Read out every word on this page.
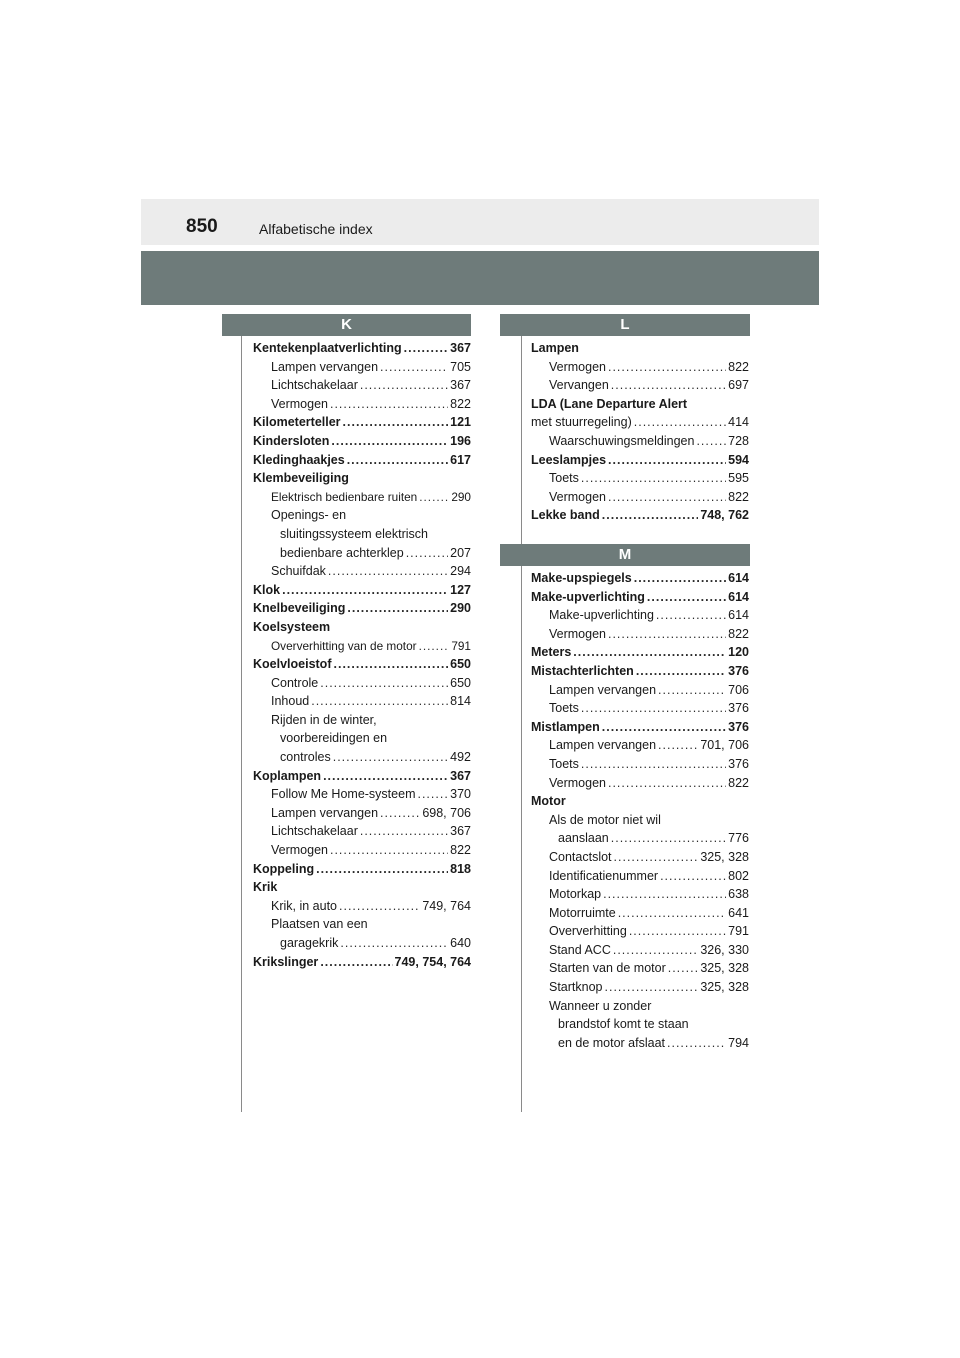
850	Alfabetische index
K	L
M
Kentekenplaatverlichting .....	367
Lampen vervangen .....	705
Lichtschakelaar .....	367
Vermogen .....	822
Kilometerteller .....	121
Kindersloten .....	196
Kledinghaakjes .....	617
Klembeveiliging
Elektrisch bedienbare ruiten .....	290
Openings- en
sluitingssysteem elektrisch
bedienbare achterklep .....	207
Schuifdak .....	294
Klok .....	127
Knelbeveiliging .....	290
Koelsysteem
Oververhitting van de motor .....	791
Koelvloeistof .....	650
Controle .....	650
Inhoud .....	814
Rijden in de winter,
voorbereidingen en
controles .....	492
Koplampen .....	367
Follow Me Home-systeem .....	370
Lampen vervangen .....	698, 706
Lichtschakelaar .....	367
Vermogen .....	822
Koppeling .....	818
Krik
Krik, in auto .....	749, 764
Plaatsen van een
garagekrik .....	640
Krikslinger .....	749, 754, 764
Lampen
Vermogen .....	822
Vervangen .....	697
LDA (Lane Departure Alert
met stuurregeling) .....	414
Waarschuwingsmeldingen .....	728
Leeslampjes .....	594
Toets .....	595
Vermogen .....	822
Lekke band .....	748, 762
Make-upspiegels .....	614
Make-upverlichting .....	614
Make-upverlichting .....	614
Vermogen .....	822
Meters .....	120
Mistachterlichten .....	376
Lampen vervangen .....	706
Toets .....	376
Mistlampen .....	376
Lampen vervangen .....	701, 706
Toets .....	376
Vermogen .....	822
Motor
Als de motor niet wil
aanslaan .....	776
Contactslot .....	325, 328
Identificatienummer .....	802
Motorkap .....	638
Motorruimte .....	641
Oververhitting .....	791
Stand ACC .....	326, 330
Starten van de motor .....	325, 328
Startknop .....	325, 328
Wanneer u zonder
brandstof komt te staan
en de motor afslaat .....	794
